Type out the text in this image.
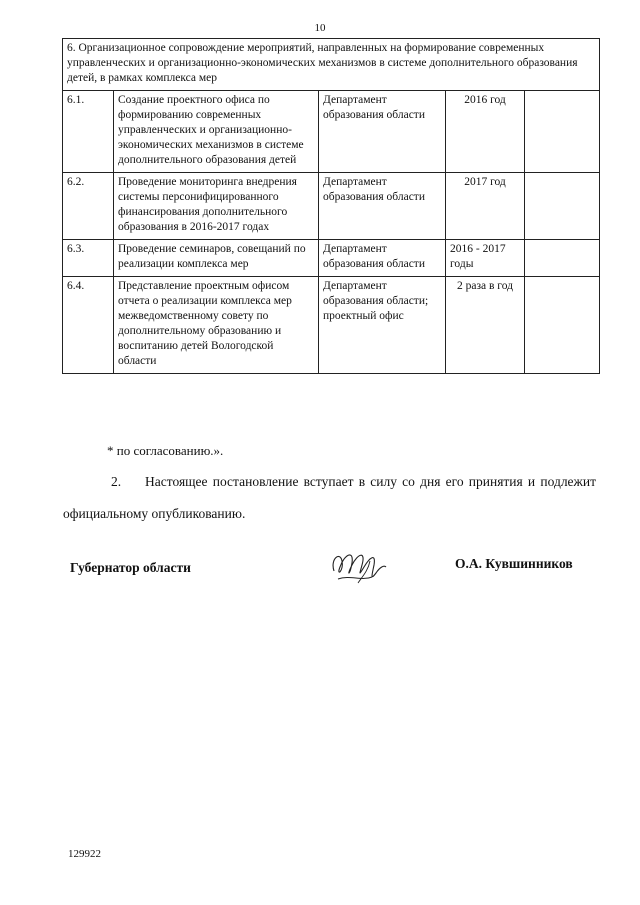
10
6. Организационное сопровождение мероприятий, направленных на формирование современных управленческих и организационно-экономических механизмов в системе дополнительного образования детей, в рамках комплекса мер				
6.1.	Создание проектного офиса по формированию современных управленческих и организационно-экономических механизмов в системе дополнительного образования детей	Департамент образования области	2016 год	
6.2.	Проведение мониторинга внедрения системы персонифицированного финансирования дополнительного образования в 2016-2017 годах	Департамент образования области	2017 год	
6.3.	Проведение семинаров, совещаний по реализации комплекса мер	Департамент образования области	2016 - 2017 годы	
6.4.	Представление проектным офисом отчета о реализации комплекса мер межведомственному совету по дополнительному образованию и воспитанию детей Вологодской области	Департамент образования области; проектный офис	2 раза в год	
* по согласованию.».
2. Настоящее постановление вступает в силу со дня его принятия и подлежит официальному опубликованию.
Губернатор области	О.А. Кувшинников
129922
